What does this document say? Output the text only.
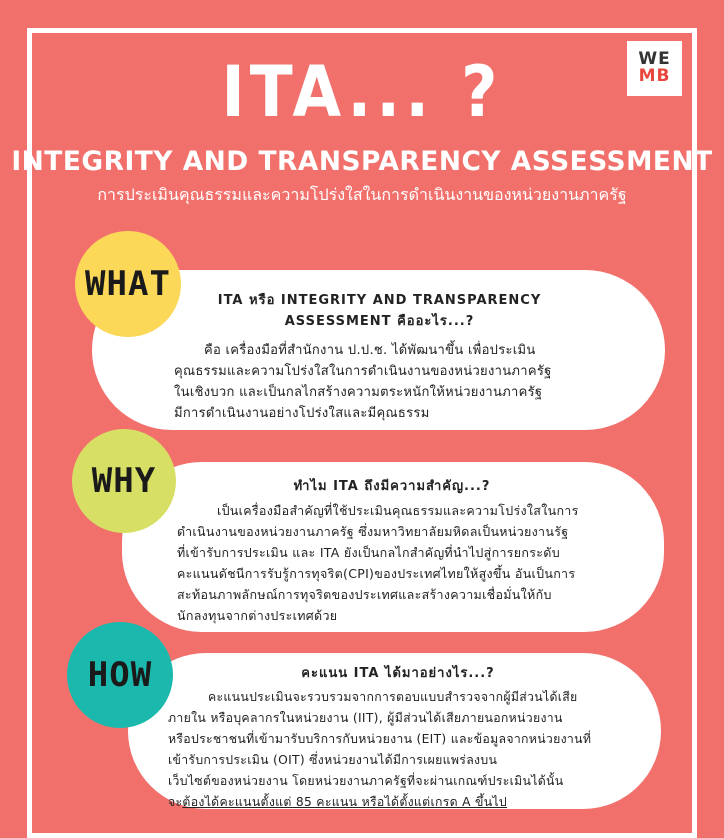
WE
MB
ITA... ?
INTEGRITY AND TRANSPARENCY ASSESSMENT
การประเมินคุณธรรมและความโปร่งใสในการดำเนินงานของหน่วยงานภาครัฐ
ITA หรือ INTEGRITY AND TRANSPARENCY
ASSESSMENT คืออะไร...?

คือ เครื่องมือที่สำนักงาน ป.ป.ช. ได้พัฒนาขึ้น เพื่อประเมิน

คุณธรรมและความโปร่งใสในการดำเนินงานของหน่วยงานภาครัฐ

ในเชิงบวก และเป็นกลไกสร้างความตระหนักให้หน่วยงานภาครัฐ

มีการดำเนินงานอย่างโปร่งใสและมีคุณธรรม

WHAT
ทำไม ITA ถึงมีความสำคัญ...?

เป็นเครื่องมือสำคัญที่ใช้ประเมินคุณธรรมและความโปร่งใสในการ

ดำเนินงานของหน่วยงานภาครัฐ ซึ่งมหาวิทยาลัยมหิดลเป็นหน่วยงานรัฐ

ที่เข้ารับการประเมิน และ ITA ยังเป็นกลไกสำคัญที่นำไปสู่การยกระดับ

คะแนนดัชนีการรับรู้การทุจริต(CPI)ของประเทศไทยให้สูงขึ้น อันเป็นการ

สะท้อนภาพลักษณ์การทุจริตของประเทศและสร้างความเชื่อมั่นให้กับ

นักลงทุนจากต่างประเทศด้วย

WHY
คะแนน ITA ได้มาอย่างไร...?

คะแนนประเมินจะรวบรวมจากการตอบแบบสำรวจจากผู้มีส่วนได้เสีย

ภายใน หรือบุคลากรในหน่วยงาน (IIT), ผู้มีส่วนได้เสียภายนอกหน่วยงาน

หรือประชาชนที่เข้ามารับบริการกับหน่วยงาน (EIT) และข้อมูลจากหน่วยงานที่

เข้ารับการประเมิน (OIT) ซึ่งหน่วยงานได้มีการเผยแพร่ลงบน

เว็บไซต์ของหน่วยงาน โดยหน่วยงานภาครัฐที่จะผ่านเกณฑ์ประเมินได้นั้น

จะต้องได้คะแนนตั้งแต่ 85 คะแนน หรือได้ตั้งแต่เกรด A ขึ้นไป

HOW
